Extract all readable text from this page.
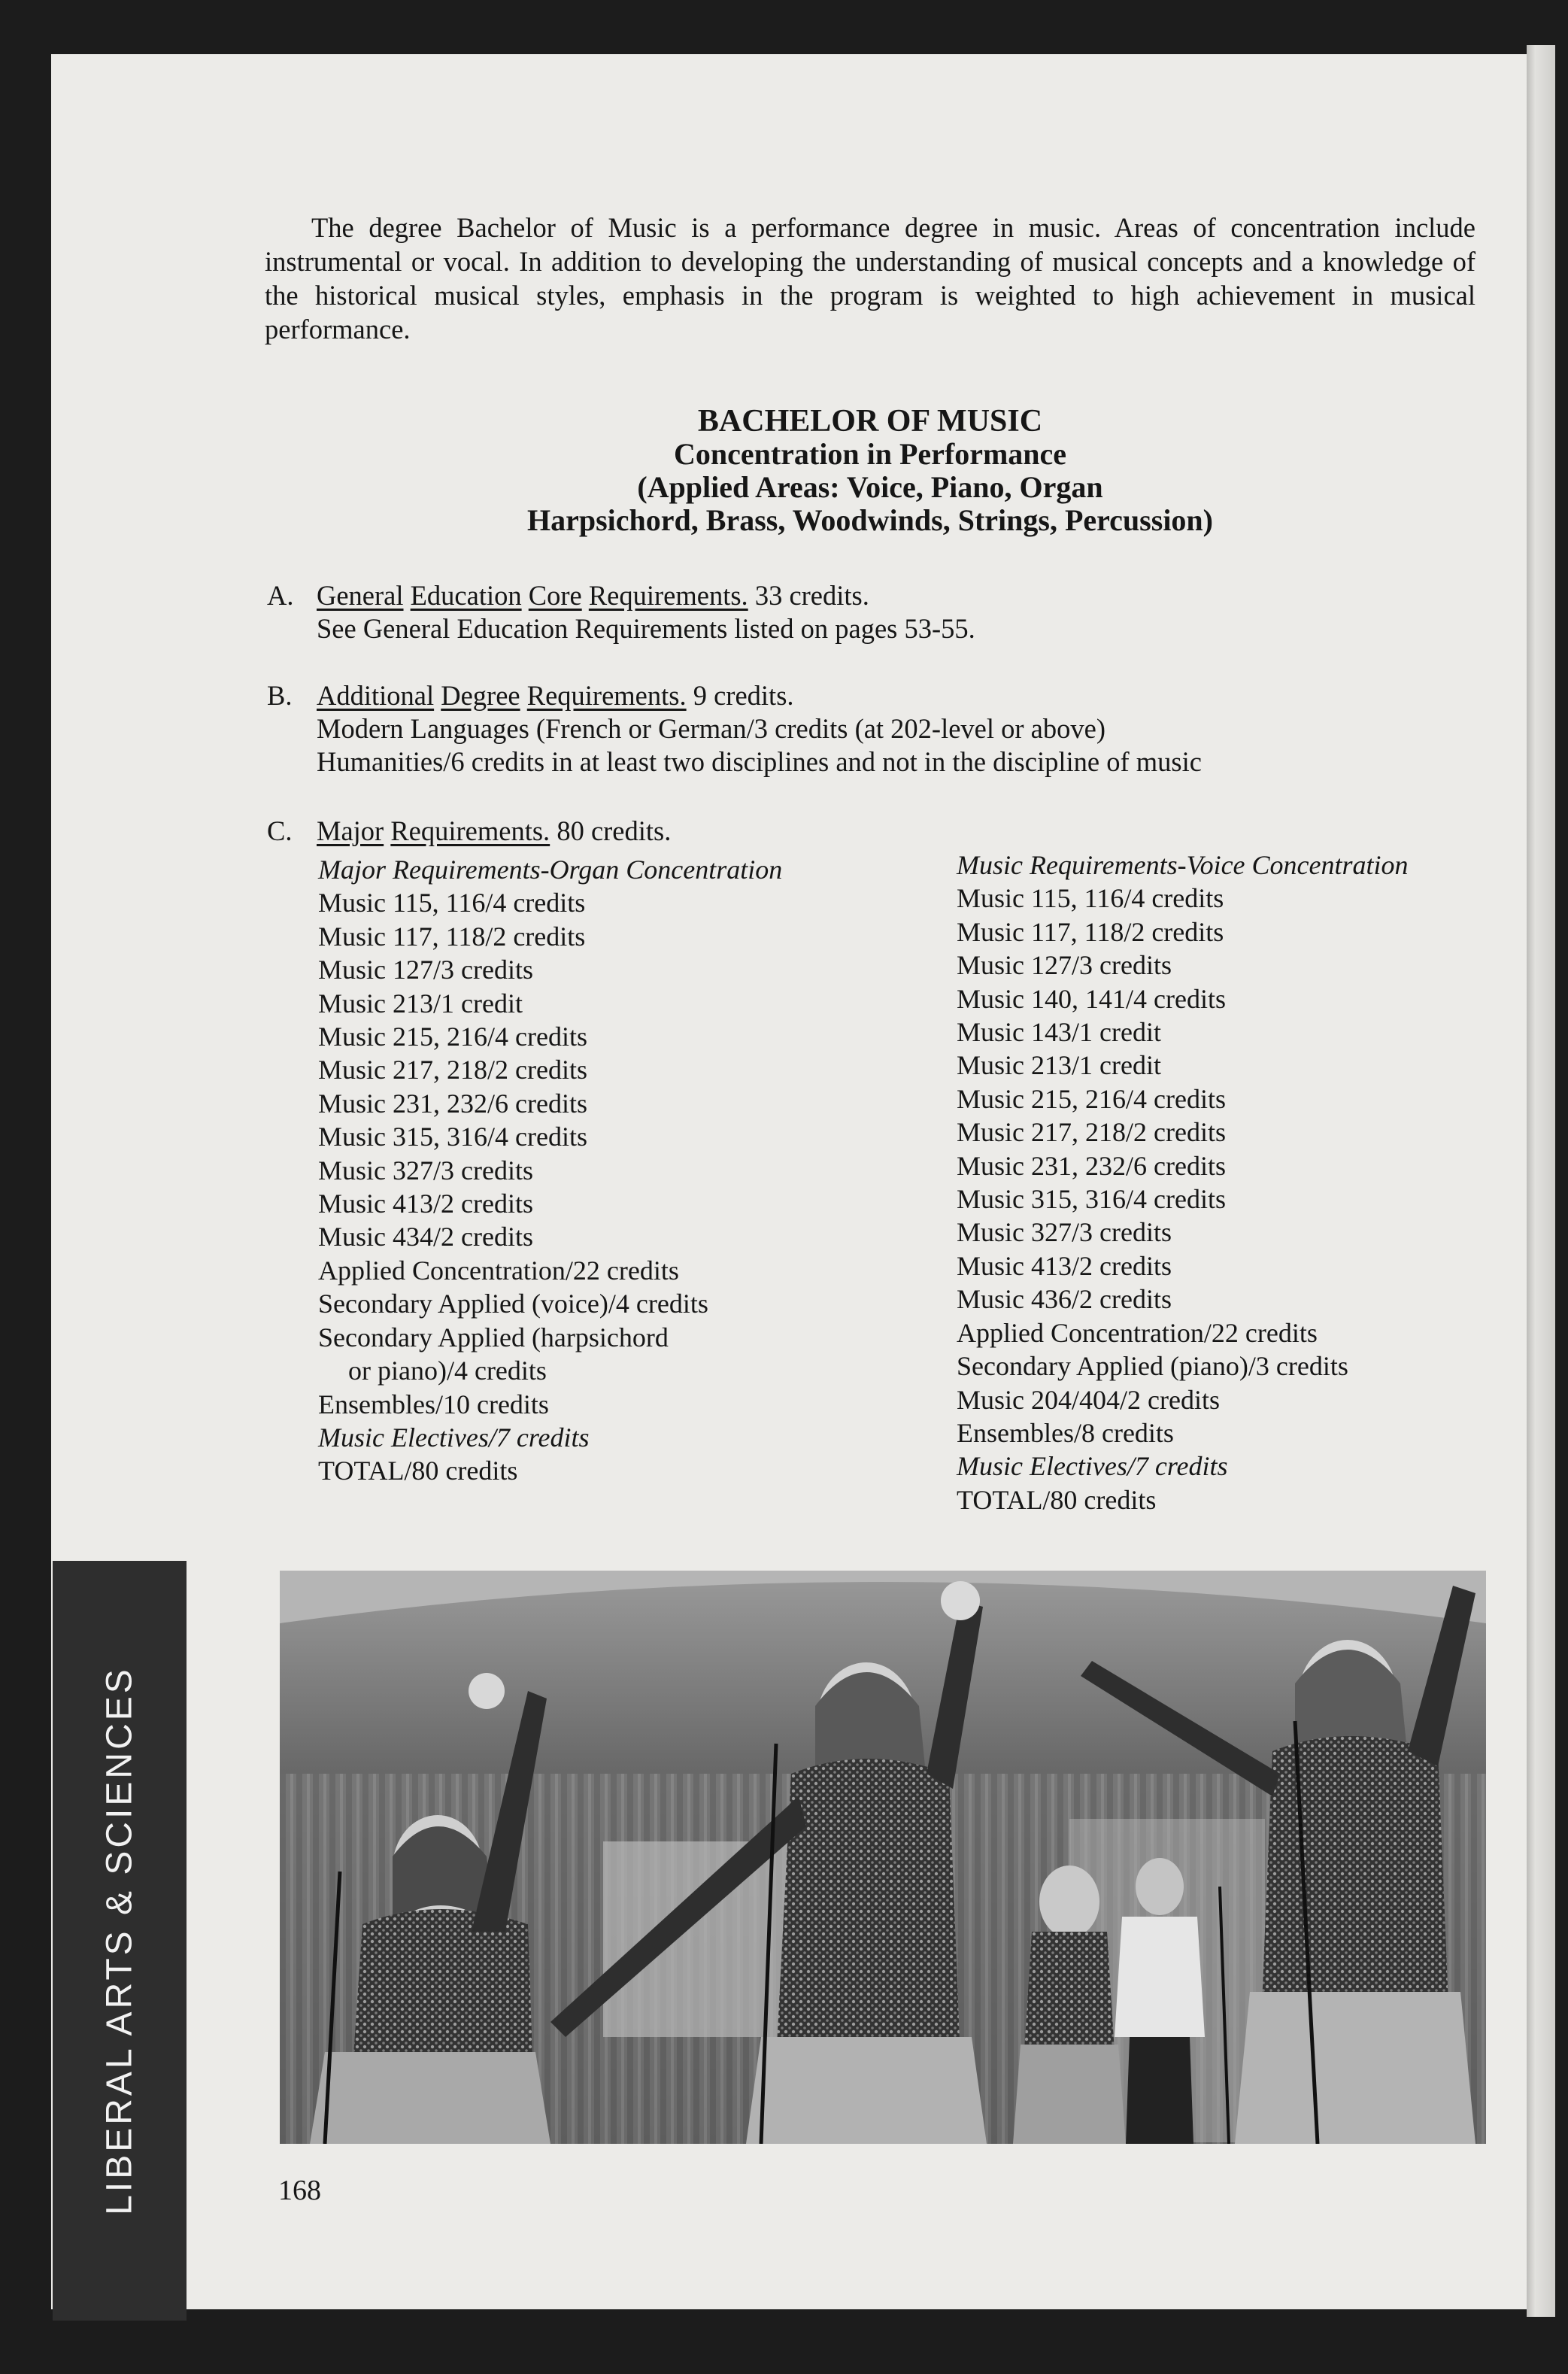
LIBERAL ARTS & SCIENCES

The degree Bachelor of Music is a performance degree in music. Areas of concentration include instrumental or vocal. In addition to developing the understanding of musical concepts and a knowledge of the historical musical styles, emphasis in the program is weighted to high achievement in musical performance.

BACHELOR OF MUSIC
Concentration in Performance
(Applied Areas: Voice, Piano, Organ
Harpsichord, Brass, Woodwinds, Strings, Percussion)
A. General Education Core Requirements. 33 credits.
See General Education Requirements listed on pages 53-55.
B. Additional Degree Requirements. 9 credits.
Modern Languages (French or German/3 credits (at 202-level or above)
Humanities/6 credits in at least two disciplines and not in the discipline of music
C. Major Requirements. 80 credits.
Major Requirements-Organ Concentration
Music 115, 116/4 credits
Music 117, 118/2 credits
Music 127/3 credits
Music 213/1 credit
Music 215, 216/4 credits
Music 217, 218/2 credits
Music 231, 232/6 credits
Music 315, 316/4 credits
Music 327/3 credits
Music 413/2 credits
Music 434/2 credits
Applied Concentration/22 credits
Secondary Applied (voice)/4 credits
Secondary Applied (harpsichord
or piano)/4 credits
Ensembles/10 credits
Music Electives/7 credits
TOTAL/80 credits
Music Requirements-Voice Concentration
Music 115, 116/4 credits
Music 117, 118/2 credits
Music 127/3 credits
Music 140, 141/4 credits
Music 143/1 credit
Music 213/1 credit
Music 215, 216/4 credits
Music 217, 218/2 credits
Music 231, 232/6 credits
Music 315, 316/4 credits
Music 327/3 credits
Music 413/2 credits
Music 436/2 credits
Applied Concentration/22 credits
Secondary Applied (piano)/3 credits
Music 204/404/2 credits
Ensembles/8 credits
Music Electives/7 credits
TOTAL/80 credits
168
